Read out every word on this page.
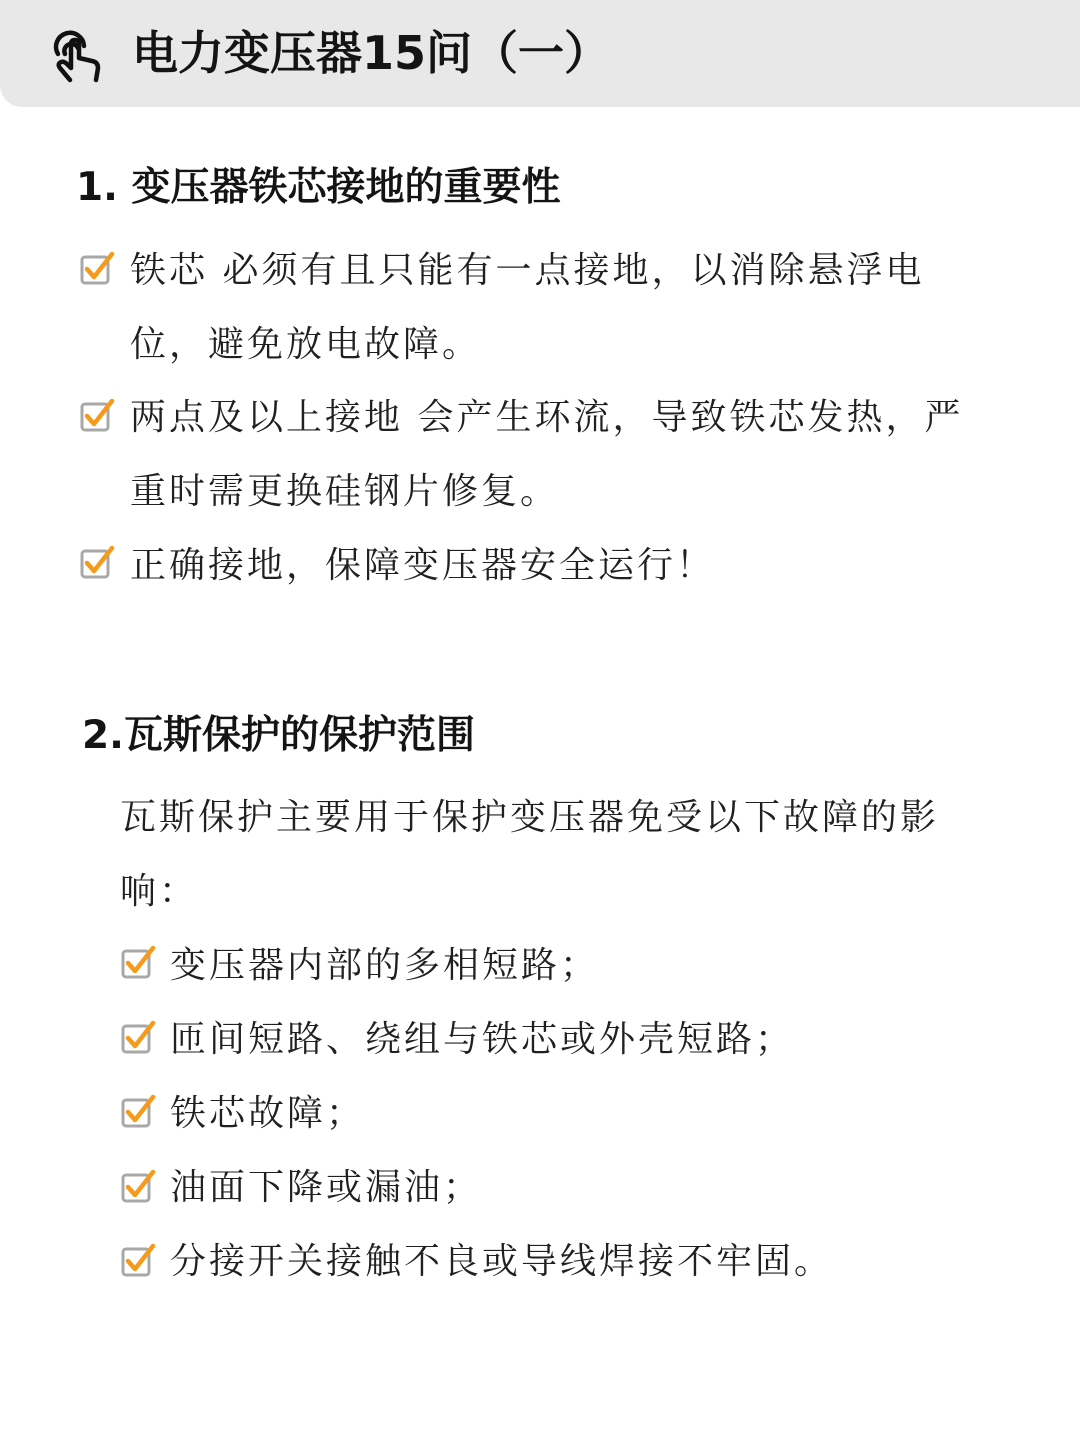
电力变压器15问（一）
1. 变压器铁芯接地的重要性
铁芯 必须有且只能有一点接地，以消除悬浮电位，避免放电故障。
两点及以上接地 会产生环流，导致铁芯发热，严重时需更换硅钢片修复。
正确接地，保障变压器安全运行！
2.瓦斯保护的保护范围
瓦斯保护主要用于保护变压器免受以下故障的影响：
变压器内部的多相短路；
匝间短路、绕组与铁芯或外壳短路；
铁芯故障；
油面下降或漏油；
分接开关接触不良或导线焊接不牢固。
